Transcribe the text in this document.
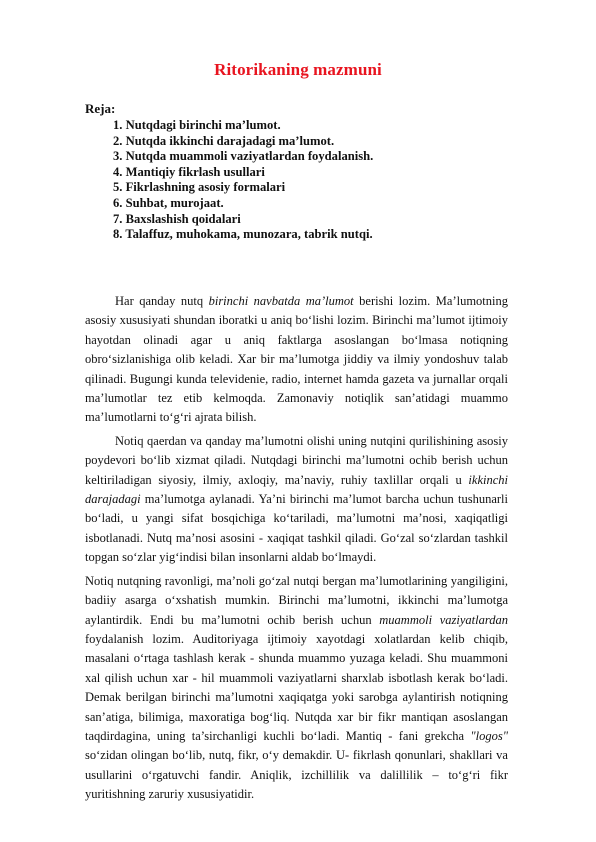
Ritorikaning mazmuni
Reja:
1. Nutqdagi birinchi ma’lumot.
2. Nutqda ikkinchi darajadagi ma’lumot.
3. Nutqda muammoli vaziyatlardan foydalanish.
4. Mantiqiy fikrlash usullari
5. Fikrlashning asosiy formalari
6. Suhbat, murojaat.
7. Baxslashish qoidalari
8. Talaffuz, muhokama, munozara, tabrik nutqi.

Har qanday nutq birinchi navbatda ma’lumot berishi lozim. Ma’lumotning asosiy xususiyati shundan iboratki u aniq bo‘lishi lozim. Birinchi ma’lumot ijtimoiy hayotdan olinadi agar u aniq faktlarga asoslangan bo‘lmasa notiqning obro‘sizlanishiga olib keladi. Xar bir ma’lumotga jiddiy va ilmiy yondoshuv talab qilinadi. Bugungi kunda televidenie, radio, internet hamda gazeta va jurnallar orqali ma’lumotlar tez etib kelmoqda. Zamonaviy notiqlik san’atidagi muammo ma’lumotlarni to‘g‘ri ajrata bilish.

Notiq qaerdan va qanday ma’lumotni olishi uning nutqini qurilishining asosiy poydevori bo‘lib xizmat qiladi. Nutqdagi birinchi ma’lumotni ochib berish uchun keltiriladigan siyosiy, ilmiy, axloqiy, ma’naviy, ruhiy taxlillar orqali u ikkinchi darajadagi ma’lumotga aylanadi. Ya’ni birinchi ma’lumot barcha uchun tushunarli bo‘ladi, u yangi sifat bosqichiga ko‘tariladi, ma’lumotni ma’nosi, xaqiqatligi isbotlanadi. Nutq ma’nosi asosini - xaqiqat tashkil qiladi. Go‘zal so‘zlardan tashkil topgan so‘zlar yig‘indisi bilan insonlarni aldab bo‘lmaydi.

Notiq nutqning ravonligi, ma’noli go‘zal nutqi bergan ma’lumotlarining yangiligini, badiiy asarga o‘xshatish mumkin. Birinchi ma’lumotni, ikkinchi ma’lumotga aylantirdik. Endi bu ma’lumotni ochib berish uchun muammoli vaziyatlardan foydalanish lozim. Auditoriyaga ijtimoiy xayotdagi xolatlardan kelib chiqib, masalani o‘rtaga tashlash kerak - shunda muammo yuzaga keladi. Shu muammoni xal qilish uchun xar - hil muammoli vaziyatlarni sharxlab isbotlash kerak bo‘ladi. Demak berilgan birinchi ma’lumotni xaqiqatga yoki sarobga aylantirish notiqning san’atiga, bilimiga, maxoratiga bog‘liq. Nutqda xar bir fikr mantiqan asoslangan taqdirdagina, uning ta’sirchanligi kuchli bo‘ladi. Mantiq - fani grekcha "logos" so‘zidan olingan bo‘lib, nutq, fikr, o‘y demakdir. U- fikrlash qonunlari, shakllari va usullarini o‘rgatuvchi fandir. Aniqlik, izchillilik va dalillilik – to‘g‘ri fikr yuritishning zaruriy xususiyatidir.
